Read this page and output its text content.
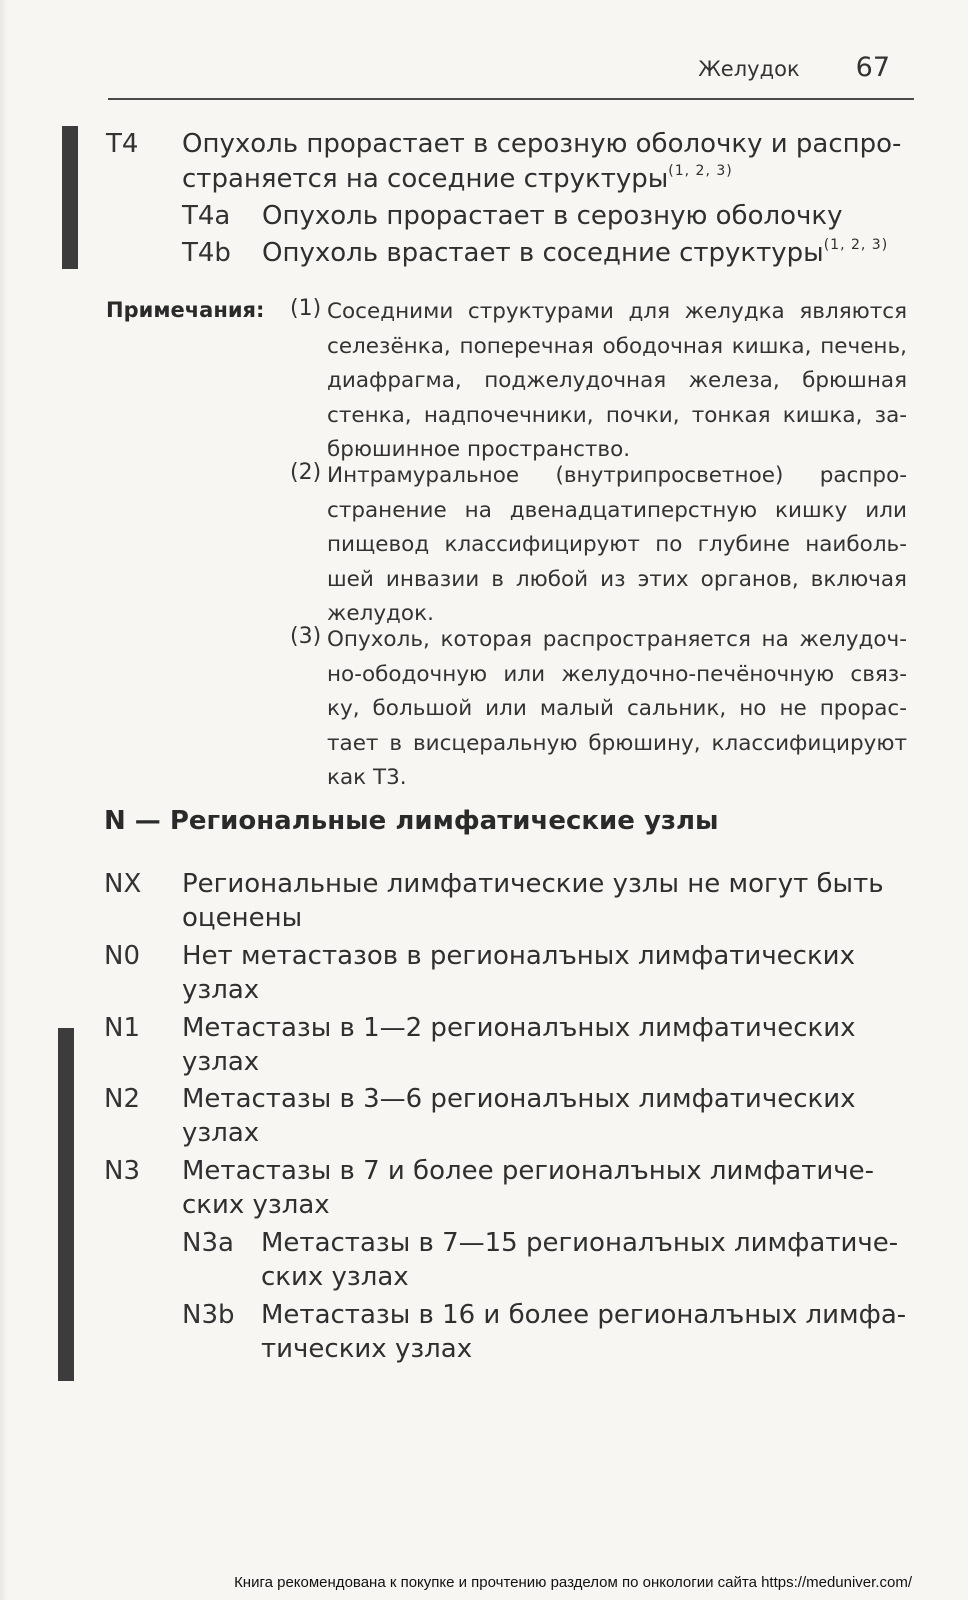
Желудок 67
T4 Опухоль прорастает в серозную оболочку и распро-
страняется на соседние структуры$^{(1, 2, 3)}$
T4a Опухоль прорастает в серозную оболочку
T4b Опухоль врастает в соседние структуры$^{(1, 2, 3)}$
Примечания: (1) Соседними структурами для желудка являются селезёнка, поперечная ободочная кишка, печень, диафрагма, поджелудочная железа, брюшная стенка, надпочечники, почки, тонкая кишка, за-брюшинное пространство.
(2) Интрамуральное (внутрипросветное) распро-странение на двенадцатиперстную кишку или пищевод классифицируют по глубине наиболь-шей инвазии в любой из этих органов, включая желудок.
(3) Опухоль, которая распространяется на желудоч-но-ободочную или желудочно-печёночную связ-ку, большой или малый сальник, но не прорас-тает в висцеральную брюшину, классифицируют как Т3.
N — Региональные лимфатические узлы
NX Региональные лимфатические узлы не могут быть
оценены
N0 Нет метастазов в регионалъных лимфатических
узлах
N1 Метастазы в 1—2 регионалъных лимфатических
узлах
N2 Метастазы в 3—6 регионалъных лимфатических
узлах
N3 Метастазы в 7 и более регионалъных лимфатиче-
ских узлах
N3a Метастазы в 7—15 регионалъных лимфатиче-
ских узлах
N3b Метастазы в 16 и более регионалъных лимфа-
тических узлах
Книга рекомендована к покупке и прочтению разделом по онкологии сайта https://meduniver.com/
